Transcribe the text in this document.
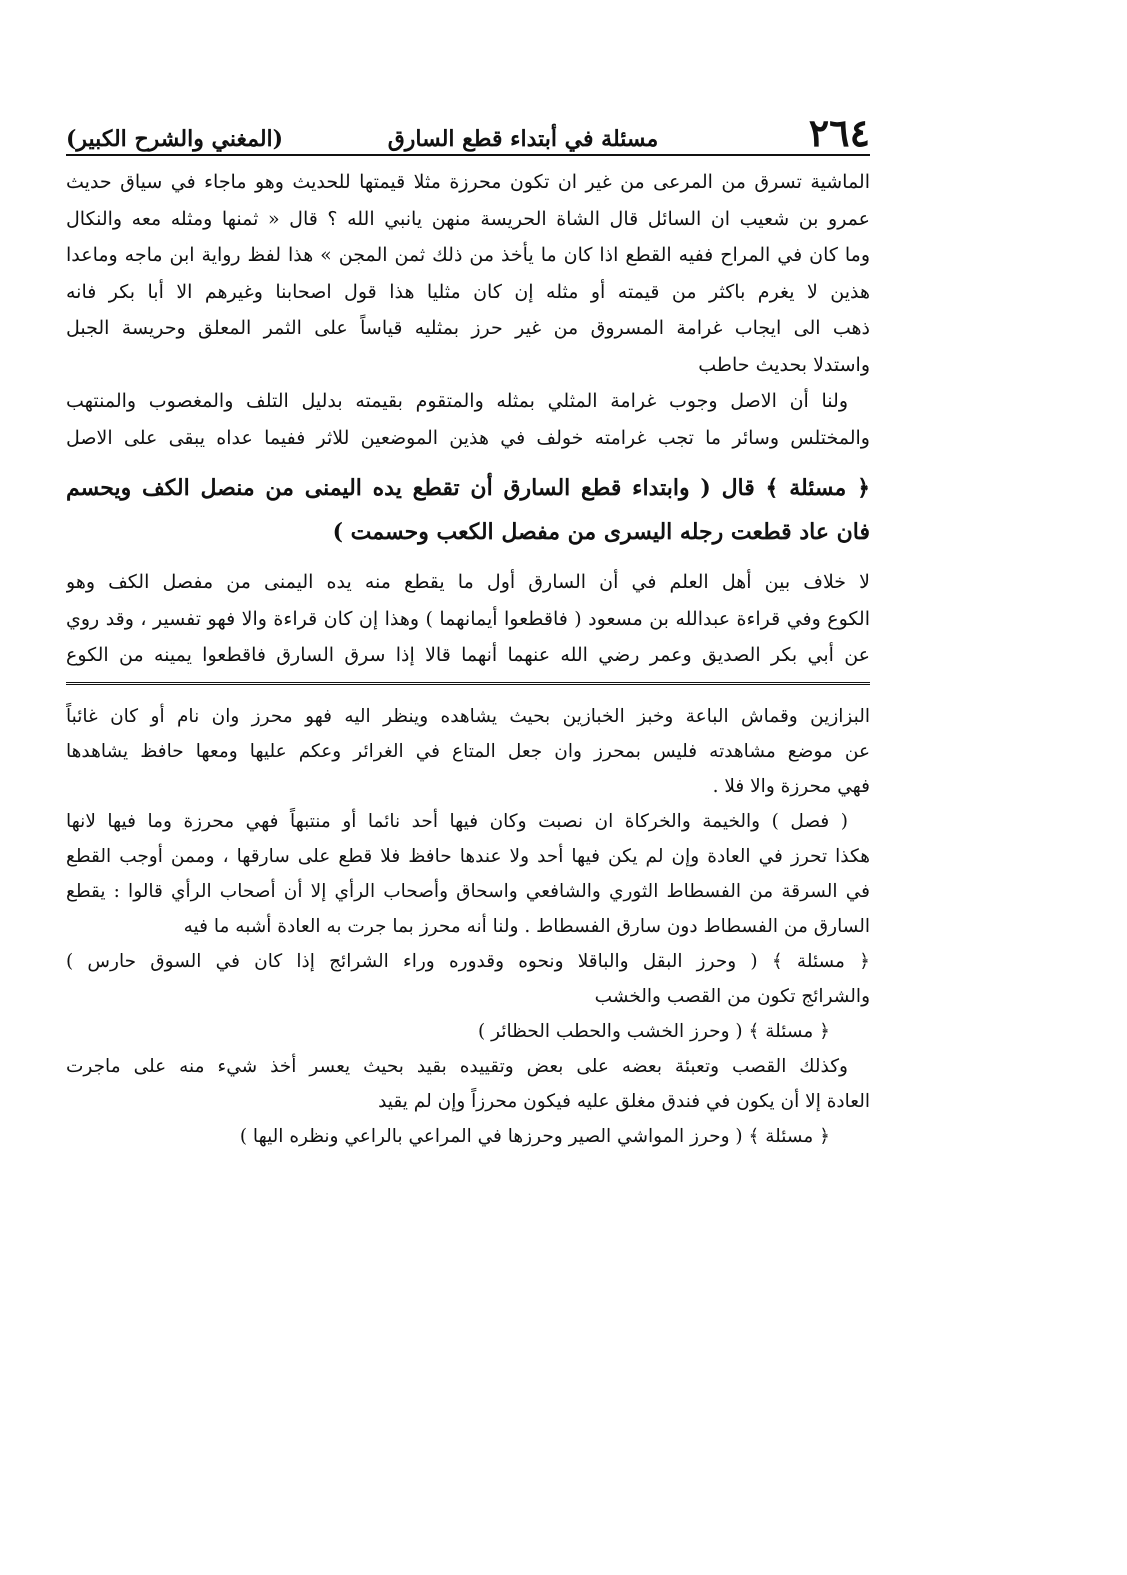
٢٦٤
مسئلة في أبتداء قطع السارق
(المغني والشرح الكبير)
الماشية تسرق من المرعى من غير ان تكون محرزة مثلا قيمتها للحديث وهو ماجاء في سياق حديث
عمرو بن شعيب ان السائل قال الشاة الحريسة منهن يانبي الله ؟ قال « ثمنها ومثله معه والنكال
وما كان في المراح ففيه القطع اذا كان ما يأخذ من ذلك ثمن المجن » هذا لفظ رواية ابن ماجه وماعدا
هذين لا يغرم باكثر من قيمته أو مثله إن كان مثليا هذا قول اصحابنا وغيرهم الا أبا بكر فانه
ذهب الى ايجاب غرامة المسروق من غير حرز بمثليه قياساً على الثمر المعلق وحريسة الجبل
واستدلا بحديث حاطب
ولنا أن الاصل وجوب غرامة المثلي بمثله والمتقوم بقيمته بدليل التلف والمغصوب والمنتهب
والمختلس وسائر ما تجب غرامته خولف في هذين الموضعين للاثر ففيما عداه يبقى على الاصل
﴿ مسئلة ﴾ قال ( وابتداء قطع السارق أن تقطع يده اليمنى من منصل الكف ويحسم
فان عاد قطعت رجله اليسرى من مفصل الكعب وحسمت )
لا خلاف بين أهل العلم في أن السارق أول ما يقطع منه يده اليمنى من مفصل الكف وهو
الكوع وفي قراءة عبدالله بن مسعود ( فاقطعوا أيمانهما ) وهذا إن كان قراءة والا فهو تفسير ، وقد روي
عن أبي بكر الصديق وعمر رضي الله عنهما أنهما قالا إذا سرق السارق فاقطعوا يمينه من الكوع
البزازين وقماش الباعة وخبز الخبازين بحيث يشاهده وينظر اليه فهو محرز وان نام أو كان غائباً
عن موضع مشاهدته فليس بمحرز وان جعل المتاع في الغرائر وعكم عليها ومعها حافظ يشاهدها
فهي محرزة والا فلا .
( فصل ) والخيمة والخركاة ان نصبت وكان فيها أحد نائما أو منتبهاً فهي محرزة وما فيها لانها
هكذا تحرز في العادة وإن لم يكن فيها أحد ولا عندها حافظ فلا قطع على سارقها ، وممن أوجب القطع
في السرقة من الفسطاط الثوري والشافعي واسحاق وأصحاب الرأي إلا أن أصحاب الرأي قالوا : يقطع
السارق من الفسطاط دون سارق الفسطاط . ولنا أنه محرز بما جرت به العادة أشبه ما فيه
﴿ مسئلة ﴾ ( وحرز البقل والباقلا ونحوه وقدوره وراء الشرائج إذا كان في السوق حارس )
والشرائج تكون من القصب والخشب
﴿ مسئلة ﴾ ( وحرز الخشب والحطب الحظائر )
وكذلك القصب وتعبئة بعضه على بعض وتقييده بقيد بحيث يعسر أخذ شيء منه على ماجرت
العادة إلا أن يكون في فندق مغلق عليه فيكون محرزاً وإن لم يقيد
﴿ مسئلة ﴾ ( وحرز المواشي الصير وحرزها في المراعي بالراعي ونظره اليها )
